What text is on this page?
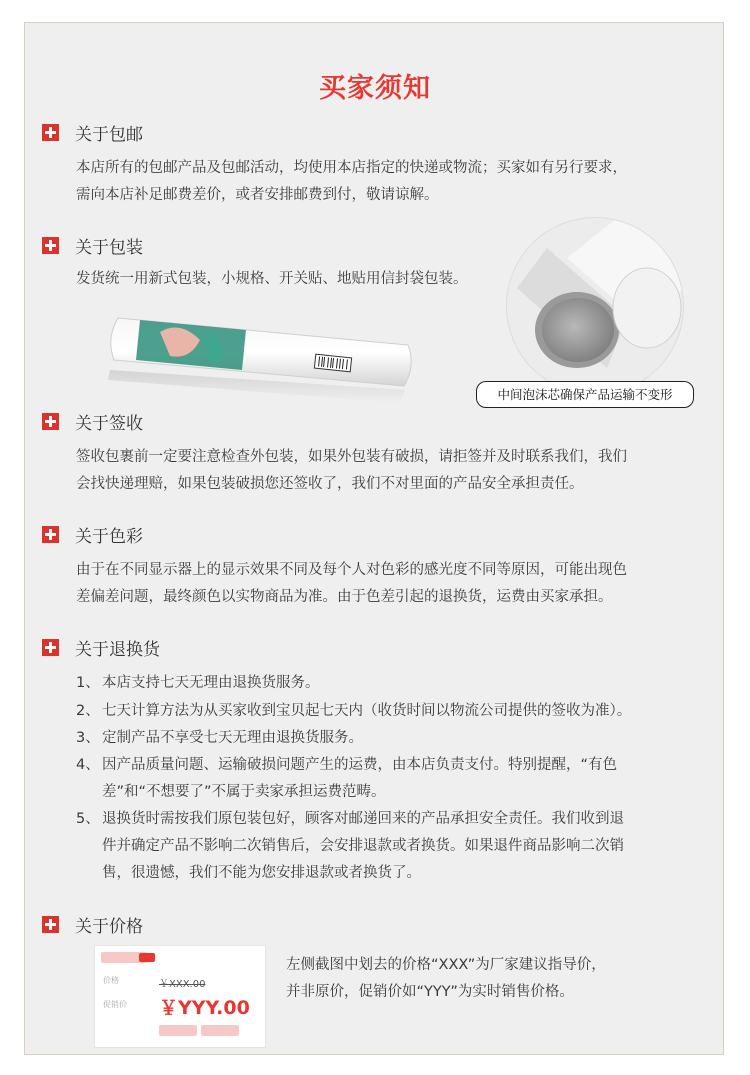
买家须知
关于包邮
本店所有的包邮产品及包邮活动，均使用本店指定的快递或物流；买家如有另行要求，
需向本店补足邮费差价，或者安排邮费到付，敬请谅解。
关于包装
发货统一用新式包装，小规格、开关贴、地贴用信封袋包装。
中间泡沫芯确保产品运输不变形
关于签收
签收包裹前一定要注意检查外包装，如果外包装有破损，请拒签并及时联系我们，我们
会找快递理赔，如果包装破损您还签收了，我们不对里面的产品安全承担责任。
关于色彩
由于在不同显示器上的显示效果不同及每个人对色彩的感光度不同等原因，可能出现色
差偏差问题，最终颜色以实物商品为准。由于色差引起的退换货，运费由买家承担。
关于退换货
1、 本店支持七天无理由退换货服务。
2、 七天计算方法为从买家收到宝贝起七天内（收货时间以物流公司提供的签收为准）。
3、 定制产品不享受七天无理由退换货服务。
4、 因产品质量问题、运输破损问题产生的运费，由本店负责支付。特别提醒，“有色
差”和“不想要了”不属于卖家承担运费范畴。
5、 退换货时需按我们原包装包好，顾客对邮递回来的产品承担安全责任。我们收到退
件并确定产品不影响二次销售后，会安排退款或者换货。如果退件商品影响二次销
售，很遗憾，我们不能为您安排退款或者换货了。
关于价格
价格	￥XXX.00
促销价 ￥YYY.00
左侧截图中划去的价格“XXX”为厂家建议指导价，
并非原价，促销价如“YYY”为实时销售价格。
